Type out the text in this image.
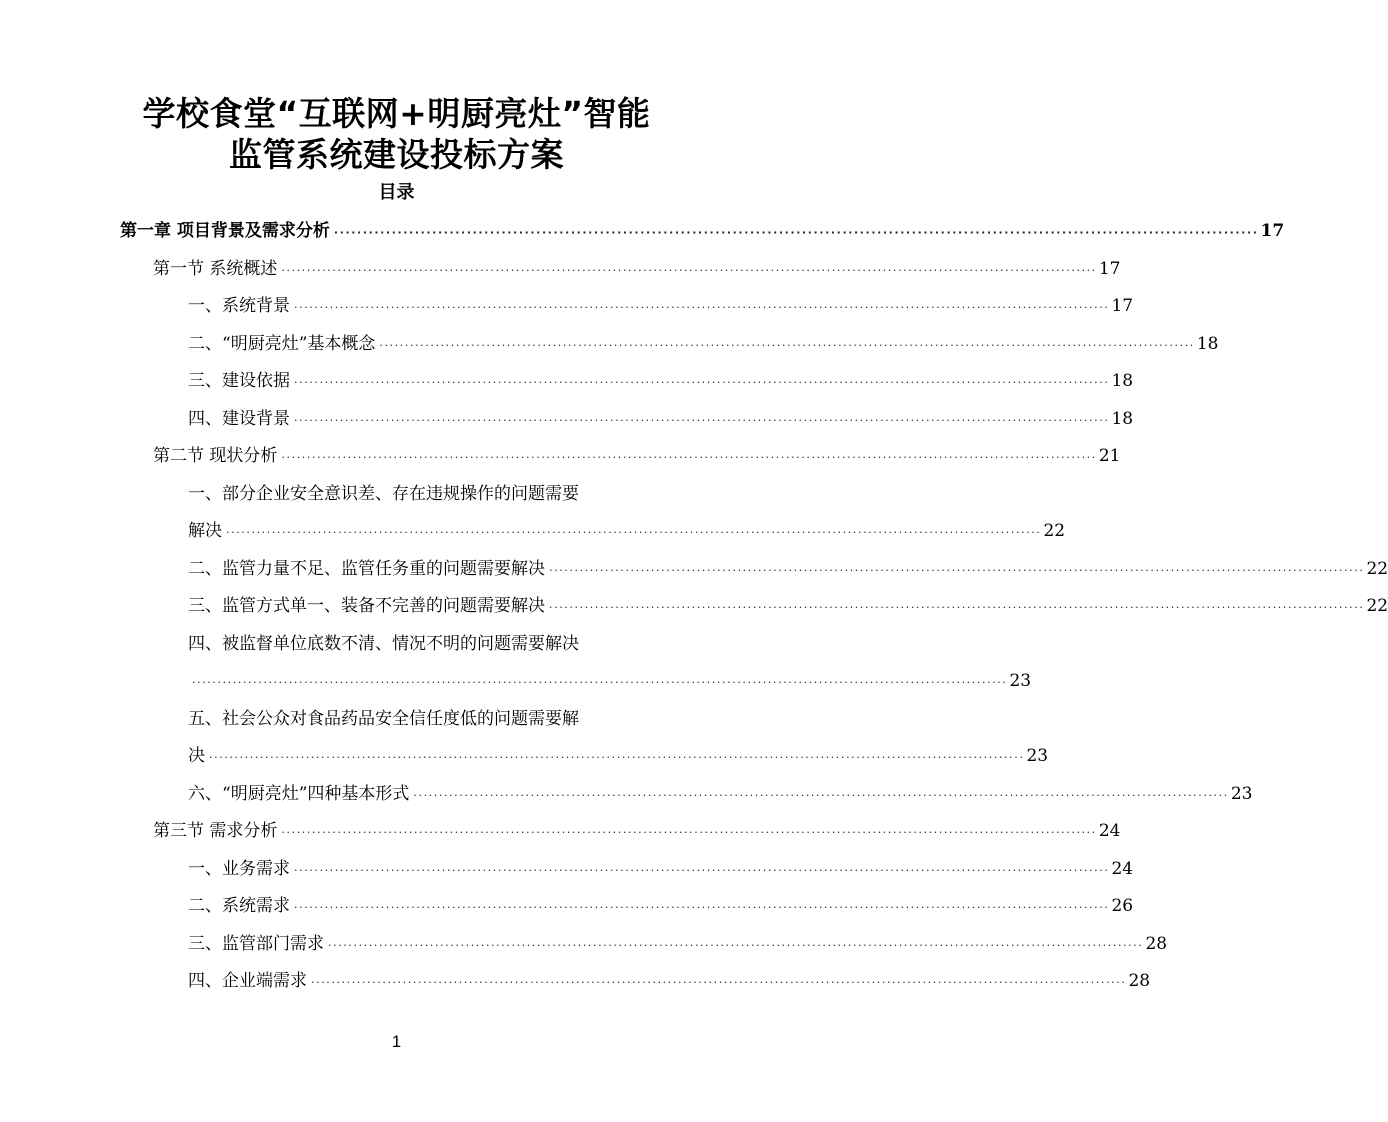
学校食堂“互联网+明厨亮灶”智能
监管系统建设投标方案
目录
第一章 项目背景及需求分析 ································································································································································ 17
第一节 系统概述 ································································································································································ 17
一、系统背景 ································································································································································ 17
二、“明厨亮灶”基本概念 ································································································································································ 18
三、建设依据 ································································································································································ 18
四、建设背景 ································································································································································ 18
第二节 现状分析 ································································································································································ 21
一、部分企业安全意识差、存在违规操作的问题需要
解决 ································································································································································ 22
二、监管力量不足、监管任务重的问题需要解决 ································································································································································ 22
三、监管方式单一、装备不完善的问题需要解决 ································································································································································ 22
四、被监督单位底数不清、情况不明的问题需要解决
································································································································································ 23
五、社会公众对食品药品安全信任度低的问题需要解
决 ································································································································································ 23
六、“明厨亮灶”四种基本形式 ································································································································································ 23
第三节 需求分析 ································································································································································ 24
一、业务需求 ································································································································································ 24
二、系统需求 ································································································································································ 26
三、监管部门需求 ································································································································································ 28
四、企业端需求 ································································································································································ 28
1
